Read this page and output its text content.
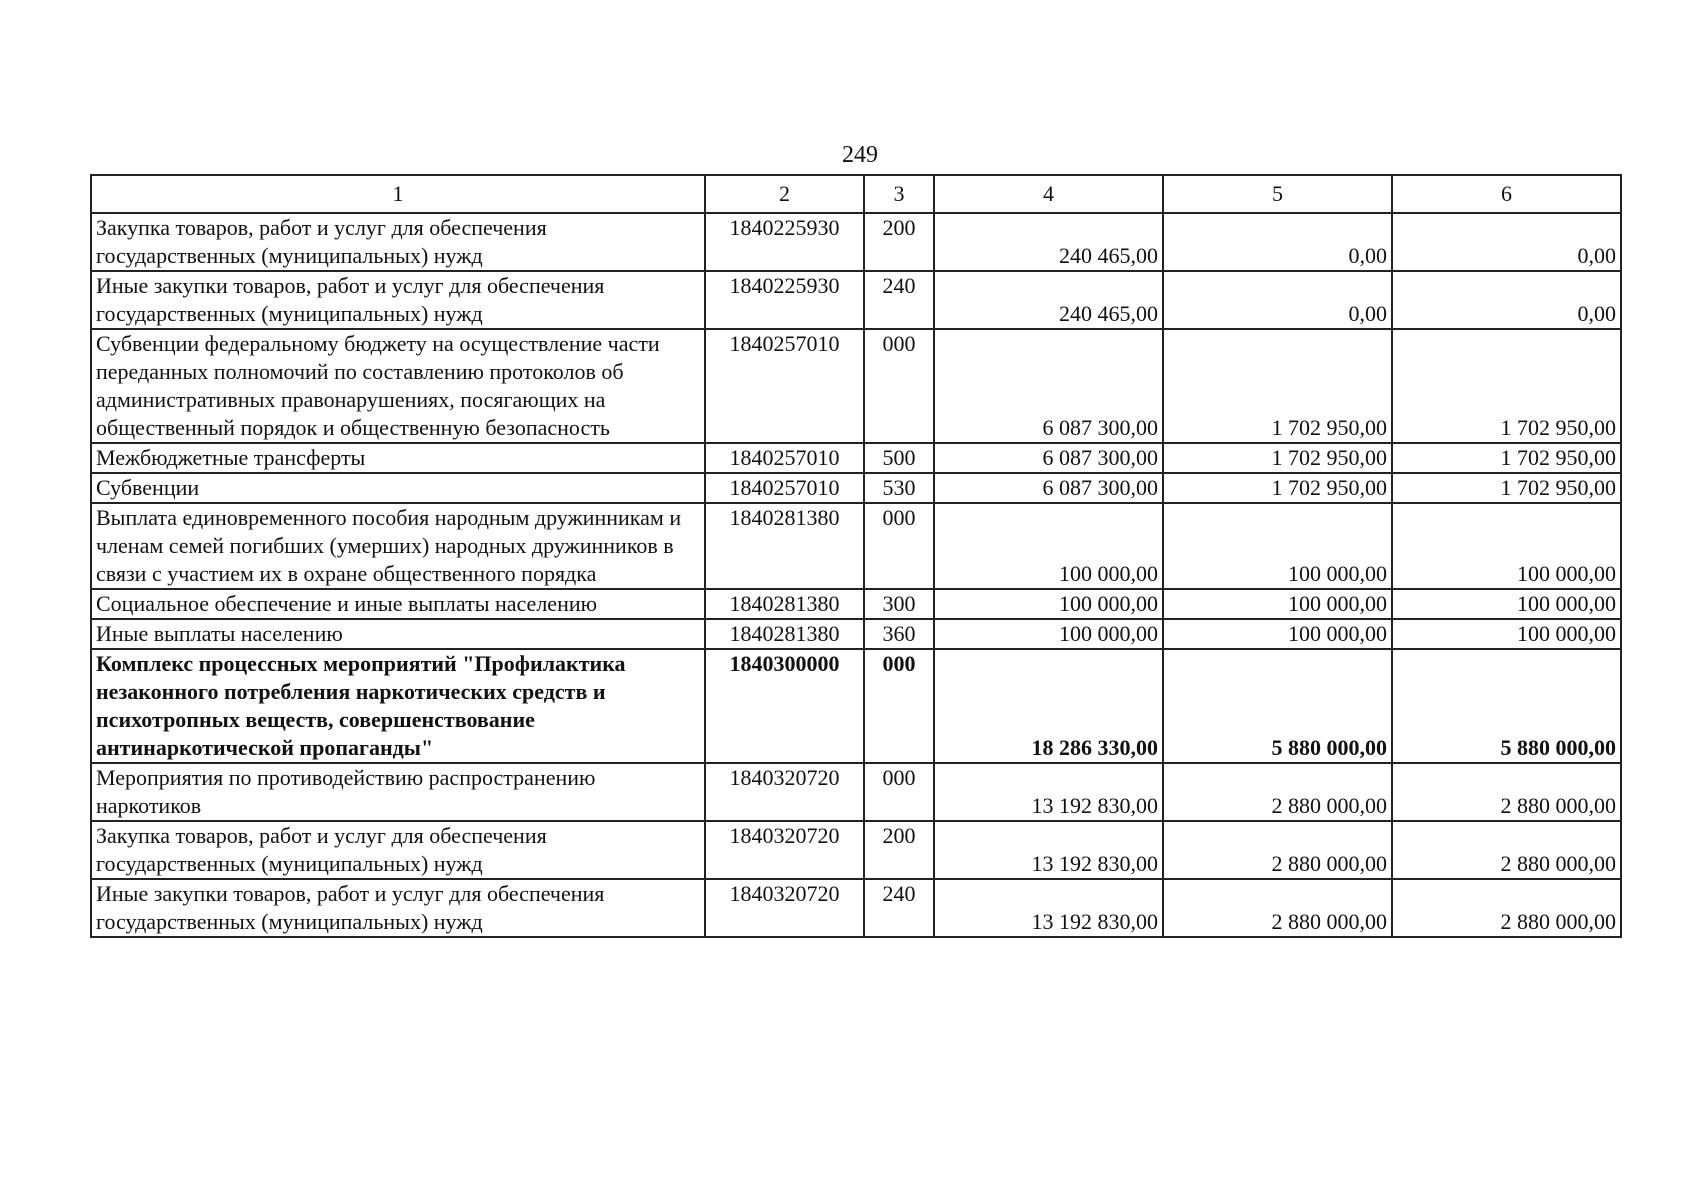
249
1	2	3	4	5	6
Закупка товаров, работ и услуг для обеспечения государственных (муниципальных) нужд	1840225930	200	240 465,00	0,00	0,00
Иные закупки товаров, работ и услуг для обеспечения государственных (муниципальных) нужд	1840225930	240	240 465,00	0,00	0,00
Субвенции федеральному бюджету на осуществление части переданных полномочий по составлению протоколов об административных правонарушениях, посягающих на общественный порядок и общественную безопасность	1840257010	000	6 087 300,00	1 702 950,00	1 702 950,00
Межбюджетные трансферты	1840257010	500	6 087 300,00	1 702 950,00	1 702 950,00
Субвенции	1840257010	530	6 087 300,00	1 702 950,00	1 702 950,00
Выплата единовременного пособия народным дружинникам и членам семей погибших (умерших) народных дружинников в связи с участием их в охране общественного порядка	1840281380	000	100 000,00	100 000,00	100 000,00
Социальное обеспечение и иные выплаты населению	1840281380	300	100 000,00	100 000,00	100 000,00
Иные выплаты населению	1840281380	360	100 000,00	100 000,00	100 000,00
Комплекс процессных мероприятий "Профилактика незаконного потребления наркотических средств и психотропных веществ, совершенствование антинаркотической пропаганды"	1840300000	000	18 286 330,00	5 880 000,00	5 880 000,00
Мероприятия по противодействию распространению наркотиков	1840320720	000	13 192 830,00	2 880 000,00	2 880 000,00
Закупка товаров, работ и услуг для обеспечения государственных (муниципальных) нужд	1840320720	200	13 192 830,00	2 880 000,00	2 880 000,00
Иные закупки товаров, работ и услуг для обеспечения государственных (муниципальных) нужд	1840320720	240	13 192 830,00	2 880 000,00	2 880 000,00
